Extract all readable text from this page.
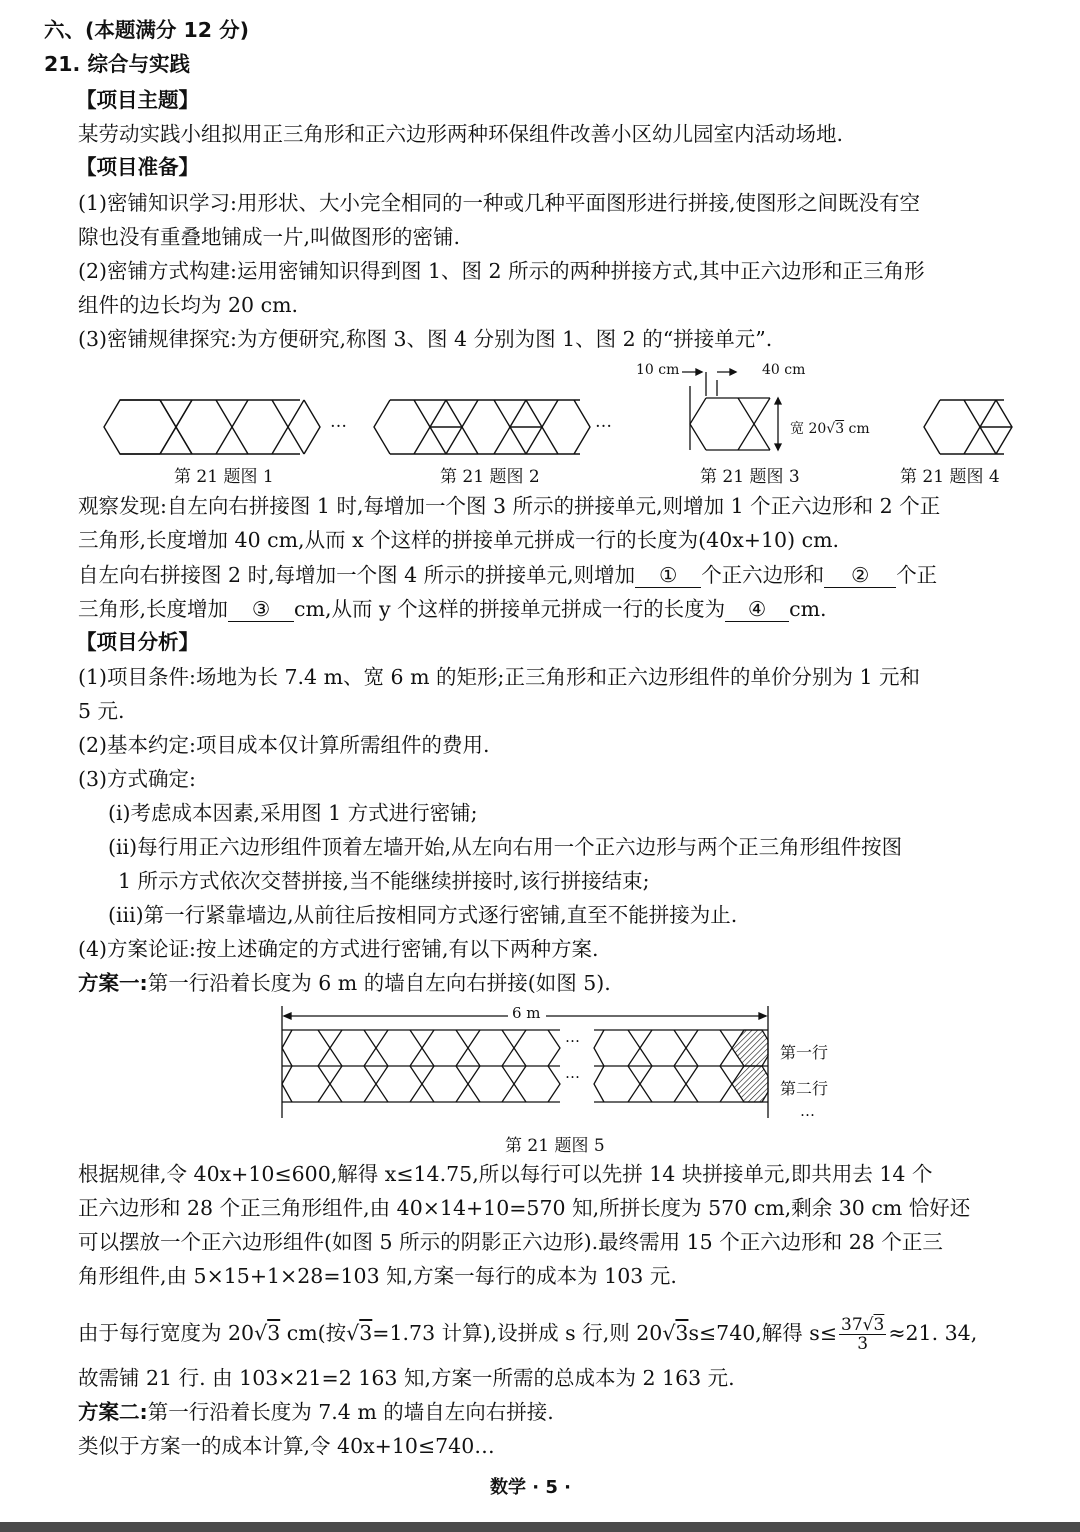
六、(本题满分 12 分)
21. 综合与实践
【项目主题】
某劳动实践小组拟用正三角形和正六边形两种环保组件改善小区幼儿园室内活动场地.
【项目准备】
(1)密铺知识学习:用形状、大小完全相同的一种或几种平面图形进行拼接,使图形之间既没有空
隙也没有重叠地铺成一片,叫做图形的密铺.
(2)密铺方式构建:运用密铺知识得到图 1、图 2 所示的两种拼接方式,其中正六边形和正三角形
组件的边长均为 20 cm.
(3)密铺规律探究:为方便研究,称图 3、图 4 分别为图 1、图 2 的“拼接单元”.
…
第 21 题图 1
…
第 21 题图 2
10 cm	40 cm
宽 20√3 cm
第 21 题图 3	第 21 题图 4
观察发现:自左向右拼接图 1 时,每增加一个图 3 所示的拼接单元,则增加 1 个正六边形和 2 个正
三角形,长度增加 40 cm,从而 x 个这样的拼接单元拼成一行的长度为(40x+10) cm.
自左向右拼接图 2 时,每增加一个图 4 所示的拼接单元,则增加 ① 个正六边形和 ② 个正
三角形,长度增加 ③ cm,从而 y 个这样的拼接单元拼成一行的长度为 ④ cm.
【项目分析】
(1)项目条件:场地为长 7.4 m、宽 6 m 的矩形;正三角形和正六边形组件的单价分别为 1 元和
5 元.
(2)基本约定:项目成本仅计算所需组件的费用.
(3)方式确定:
(ⅰ)考虑成本因素,采用图 1 方式进行密铺;
(ⅱ)每行用正六边形组件顶着左墙开始,从左向右用一个正六边形与两个正三角形组件按图
1 所示方式依次交替拼接,当不能继续拼接时,该行拼接结束;
(ⅲ)第一行紧靠墙边,从前往后按相同方式逐行密铺,直至不能拼接为止.
(4)方案论证:按上述确定的方式进行密铺,有以下两种方案.
方案一:第一行沿着长度为 6 m 的墙自左向右拼接(如图 5).
6 m
…
…
第一行
第二行
…
第 21 题图 5
根据规律,令 40x+10≤600,解得 x≤14.75,所以每行可以先拼 14 块拼接单元,即共用去 14 个
正六边形和 28 个正三角形组件,由 40×14+10=570 知,所拼长度为 570 cm,剩余 30 cm 恰好还
可以摆放一个正六边形组件(如图 5 所示的阴影正六边形).最终需用 15 个正六边形和 28 个正三
角形组件,由 5×15+1×28=103 知,方案一每行的成本为 103 元.
由于每行宽度为 20√3 cm(按√3=1.73 计算),设拼成 s 行,则 20√3s≤740,解得 $s\le \frac{37√3}{3} \approx 21$. 34,
故需铺 21 行. 由 103×21=2 163 知,方案一所需的总成本为 2 163 元.
方案二:第一行沿着长度为 7.4 m 的墙自左向右拼接.
类似于方案一的成本计算,令 40x+10≤740…
数学 · 5 ·
